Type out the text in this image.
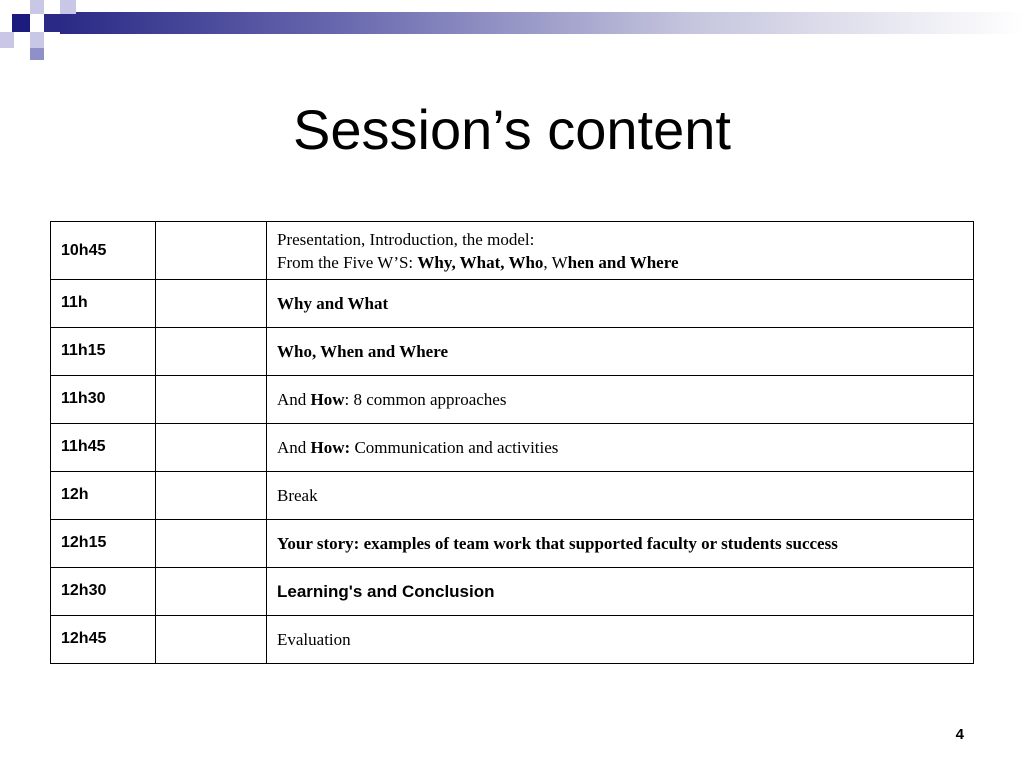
Session’s content
10h45		Presentation, Introduction, the model:
From the Five W’S: Why, What, Who, When and Where
11h		Why and What
11h15		Who, When and Where
11h30		And How: 8 common approaches
11h45		And How: Communication and activities
12h		Break
12h15		Your story: examples of team work that supported faculty or students success
12h30		Learning's and Conclusion
12h45		Evaluation
4
